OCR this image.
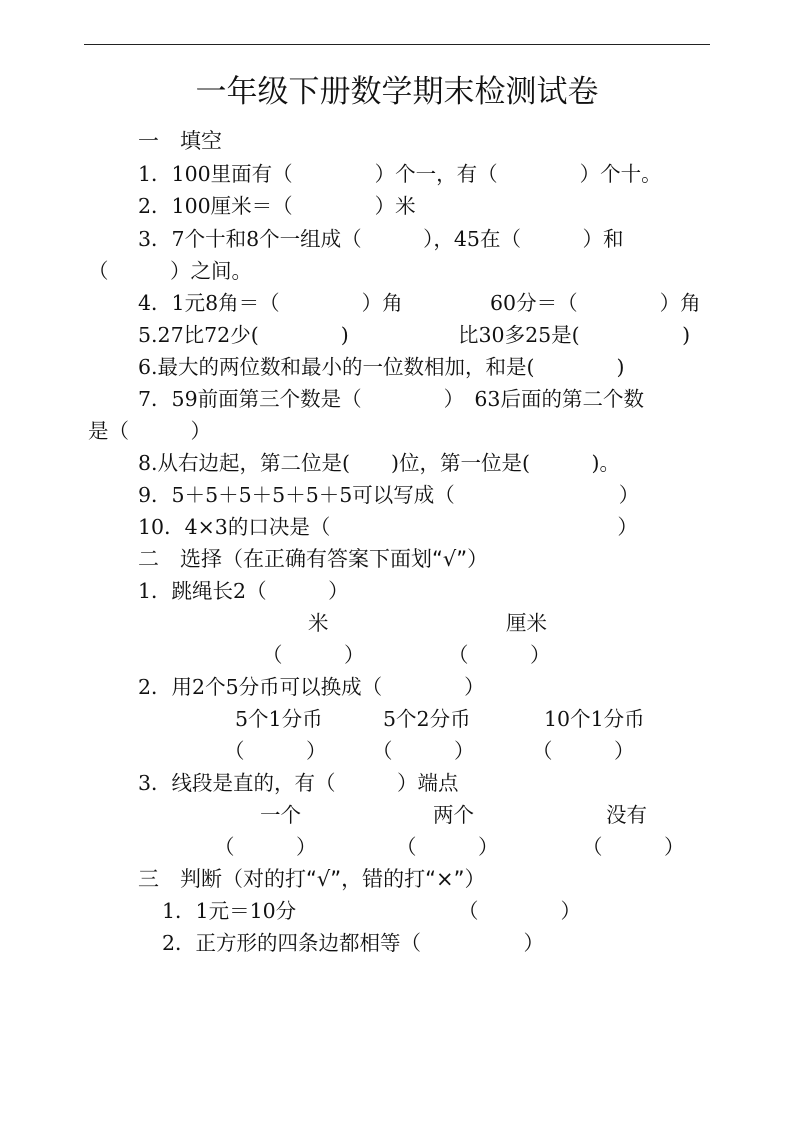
一年级下册数学期末检测试卷
一　填空
1．100里面有（　　　　）个一，有（　　　　）个十。
2．100厘米＝（　　　　）米
3．7个十和8个一组成（　　　），45在（　　　）和
（　　　）之间。
4．1元8角＝（　　　　）角	60分＝（　　　　）角
5.27比72少(　　　　)	比30多25是(　　　　　)
6.最大的两位数和最小的一位数相加，和是(　　　　)
7．59前面第三个数是（　　　　）　63后面的第二个数
是（　　　）
8.从右边起，第二位是(　　)位，第一位是(　　　)。
9．5＋5＋5＋5＋5＋5可以写成（　　　　　　　　）
10．4×3的口决是（　　　　　　　　　　　　　　）
二　选择（在正确有答案下面划“√”）
1．跳绳长2（　　　）
米	厘米
（　　　）	（　　　）
2．用2个5分币可以换成（　　　　）
5个1分币	5个2分币	10个1分币
（　　　） （　　　）	（　　　）
3．线段是直的，有（　　　）端点
一个	两个	没有
（　　　）	（　　　）	（　　　）
三　判断（对的打“√”，错的打“×”）
1．1元＝10分	（　　　　）
2．正方形的四条边都相等（　　　　　）
